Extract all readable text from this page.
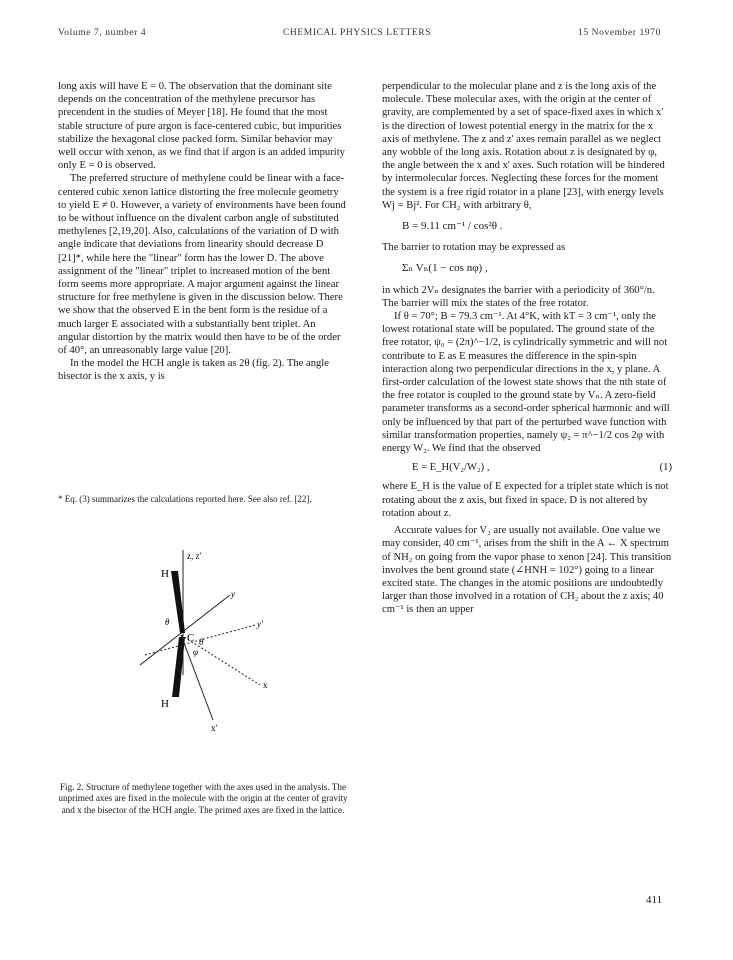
Volume 7, number 4	CHEMICAL PHYSICS LETTERS	15 November 1970

long axis will have E = 0. The observation that the dominant site depends on the concentration of the methylene precursor has precendent in the studies of Meyer [18]. He found that the most stable structure of pure argon is face-centered cubic, but impurities stabilize the hexagonal close packed form. Similar behavior may well occur with xenon, as we find that if argon is an added impurity only E = 0 is observed.

The preferred structure of methylene could be linear with a face-centered cubic xenon lattice distorting the free molecule geometry to yield E ≠ 0. However, a variety of environments have been found to be without influence on the divalent carbon angle of substituted methylenes [2,19,20]. Also, calculations of the variation of D with angle indicate that deviations from linearity should decrease D [21]*, while here the "linear" form has the lower D. The above assignment of the "linear" triplet to increased motion of the bent form seems more appropriate. A major argument against the linear structure for free methylene is given in the discussion below. There we show that the observed E in the bent form is the residue of a much larger E associated with a substantially bent triplet. An angular distortion by the matrix would then have to be of the order of 40°, an unreasonably large value [20].

In the model the HCH angle is taken as 2θ (fig. 2). The angle bisector is the x axis, y is

* Eq. (3) summarizes the calculations reported here. See also ref. [22].
z, z'
y
y'
x
x'
C
H
H
θ
θ
φ
Fig. 2. Structure of methylene together with the axes used in the analysis. The unprimed axes are fixed in the molecule with the origin at the center of gravity and x the bisector of the HCH angle. The primed axes are fixed in the lattice.

perpendicular to the molecular plane and z is the long axis of the molecule. These molecular axes, with the origin at the center of gravity, are complemented by a set of space-fixed axes in which x' is the direction of lowest potential energy in the matrix for the x axis of methylene. The z and z' axes remain parallel as we neglect any wobble of the long axis. Rotation about z is designated by φ, the angle between the x and x' axes. Such rotation will be hindered by intermolecular forces. Neglecting these forces for the moment the system is a free rigid rotator in a plane [23], with energy levels Wj = Bj². For CH₂ with arbitrary θ,

B = 9.11 cm⁻¹ / cos²θ .

The barrier to rotation may be expressed as

Σₙ Vₙ(1 − cos nφ) ,

in which 2Vₙ designates the barrier with a periodicity of 360°/n. The barrier will mix the states of the free rotator.

If θ = 70°; B = 79.3 cm⁻¹. At 4°K, with kT = 3 cm⁻¹, only the lowest rotational state will be populated. The ground state of the free rotator, ψ₀ = (2π)^−1/2, is cylindrically symmetric and will not contribute to E as E measures the difference in the spin-spin interaction along two perpendicular directions in the x, y plane. A first-order calculation of the lowest state shows that the nth state of the free rotator is coupled to the ground state by Vₙ. A zero-field parameter transforms as a second-order spherical harmonic and will only be influenced by that part of the perturbed wave function with similar transformation properties, namely ψ₂ = π^−1/2 cos 2φ with energy W₂. We find that the observed

E = E_H(V₂/W₂) ,	(1)

where E_H is the value of E expected for a triplet state which is not rotating about the z axis, but fixed in space. D is not altered by rotation about z.

Accurate values for V₂ are usually not available. One value we may consider, 40 cm⁻¹, arises from the shift in the A ← X spectrum of NH₂ on going from the vapor phase to xenon [24]. This transition involves the bent ground state (∠HNH = 102°) going to a linear excited state. The changes in the atomic positions are undoubtedly larger than those involved in a rotation of CH₂ about the z axis; 40 cm⁻¹ is then an upper

411
